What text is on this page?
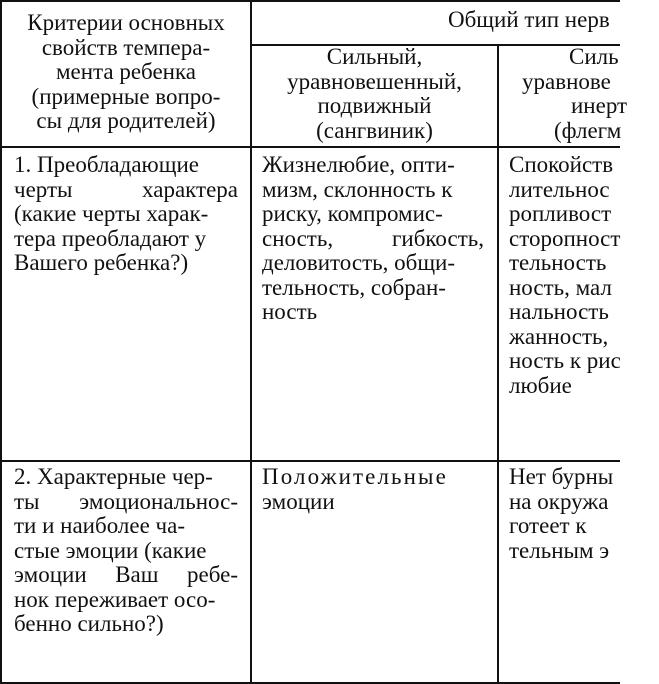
Критерии основных
свойств темпера-
мента ребенка
(примерные вопро-
сы для родителей)
Общий тип нерв
Сильный,
уравновешенный,
подвижный
(сангвиник)
Силь
уравнове
инерт
(флегм
1. Преобладающие
черты	характера
(какие черты харак-
тера преобладают у
Вашего ребенка?)
Жизнелюбие, опти-
мизм, склонность к
риску, компромис-
сность,	гибкость,
деловитость, общи-
тельность, собран-
ность
Спокойств
лительнос
ропливост
сторопност
тельность
ность, мал
нальность
жанность,
ность к рис
любие
2. Характерные чер-
ты эмоциональнос-
ти и наиболее ча-
стые эмоции (какие
эмоции Ваш ребе-
нок переживает осо-
бенно сильно?)
Положительные
эмоции
Нет бурны
на окружа
готеет к
тельным э
